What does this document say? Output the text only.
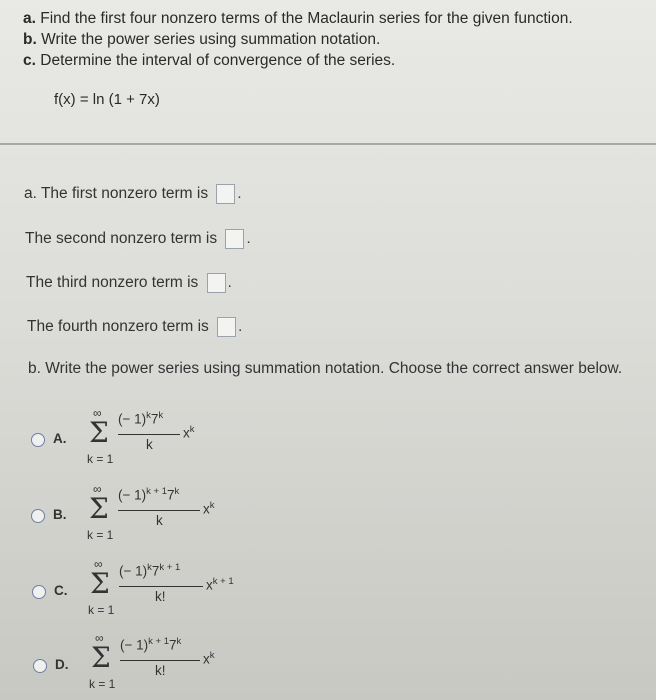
a. Find the first four nonzero terms of the Maclaurin series for the given function.
b. Write the power series using summation notation.
c. Determine the interval of convergence of the series.
f(x) = ln (1 + 7x)
a. The first nonzero term is .
The second nonzero term is .
The third nonzero term is .
The fourth nonzero term is .
b. Write the power series using summation notation. Choose the correct answer below.
A.
∞
Σ
k = 1
(− $1)^k7^k$
k
$x^k$
B.
∞
Σ
k = 1
(− $1)^{k + 1}7^k$
k
$x^k$
C.
∞
Σ
k = 1
(− $1)^k7^{k + 1}$
k!
$x^{k + 1}$
D.
∞
Σ
k = 1
(− $1)^{k + 1}7^k$
k!
$x^k$
